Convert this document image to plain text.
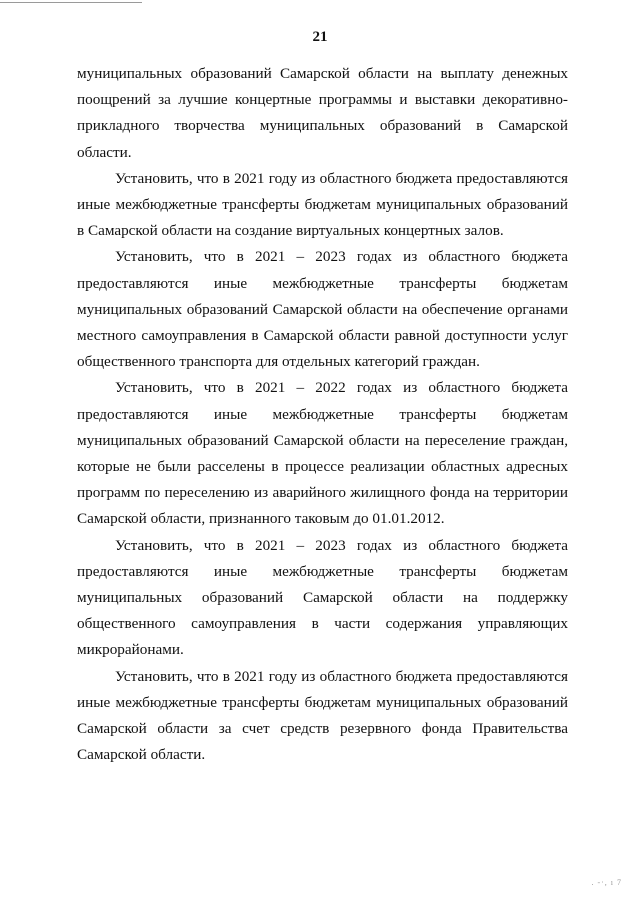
21

муниципальных образований Самарской области на выплату денежных поощрений за лучшие концертные программы и выставки декоративно-прикладного творчества муниципальных образований в Самарской области.

Установить, что в 2021 году из областного бюджета предоставляются иные межбюджетные трансферты бюджетам муниципальных образований в Самарской области на создание виртуальных концертных залов.

Установить, что в 2021 – 2023 годах из областного бюджета предоставляются иные межбюджетные трансферты бюджетам муниципальных образований Самарской области на обеспечение органами местного самоуправления в Самарской области равной доступности услуг общественного транспорта для отдельных категорий граждан.

Установить, что в 2021 – 2022 годах из областного бюджета предоставляются иные межбюджетные трансферты бюджетам муниципальных образований Самарской области на переселение граждан, которые не были расселены в процессе реализации областных адресных программ по переселению из аварийного жилищного фонда на территории Самарской области, признанного таковым до 01.01.2012.

Установить, что в 2021 – 2023 годах из областного бюджета предоставляются иные межбюджетные трансферты бюджетам муниципальных образований Самарской области на поддержку общественного самоуправления в части содержания управляющих микрорайонами.

Установить, что в 2021 году из областного бюджета предоставляются иные межбюджетные трансферты бюджетам муниципальных образований Самарской области за счет средств резервного фонда Правительства Самарской области.

. -·, ı 7
